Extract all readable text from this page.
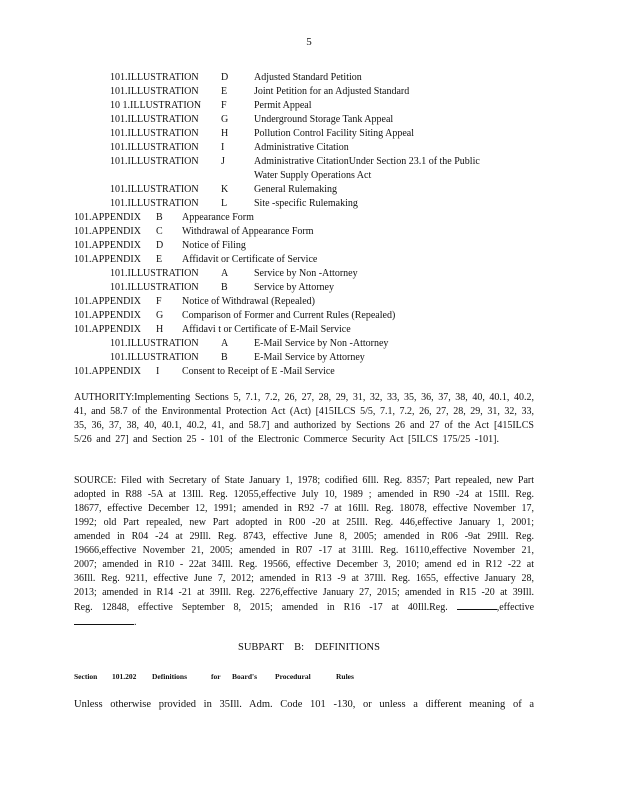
5
101.ILLUSTRATION D	Adjusted Standard Petition
101.ILLUSTRATION E	Joint Petition for an Adjusted Standard
10 1.ILLUSTRATION F	Permit Appeal
101.ILLUSTRATION G	Underground Storage Tank Appeal
101.ILLUSTRATION H	Pollution Control Facility Siting Appeal
101.ILLUSTRATION I	Administrative Citation
101.ILLUSTRATION J	Administrative CitationUnder Section 23.1 of the Public
Water Supply Operations Act
101.ILLUSTRATION K	General Rulemaking
101.ILLUSTRATION L	Site -specific Rulemaking
101.APPENDIX B Appearance Form
101.APPENDIX C Withdrawal of Appearance Form
101.APPENDIX D Notice of Filing
101.APPENDIX E Affidavit or Certificate of Service
101.ILLUSTRATION A	Service by Non -Attorney
101.ILLUSTRATION B	Service by Attorney
101.APPENDIX F Notice of Withdrawal (Repealed)
101.APPENDIX G Comparison of Former and Current Rules (Repealed)
101.APPENDIX H Affidavi t or Certificate of E-Mail Service
101.ILLUSTRATION A	E-Mail Service by Non -Attorney
101.ILLUSTRATION B	E-Mail Service by Attorney
101.APPENDIX I Consent to Receipt of E -Mail Service
AUTHORITY:Implementing Sections 5, 7.1, 7.2, 26, 27, 28, 29, 31, 32, 33, 35, 36, 37, 38, 40, 40.1, 40.2, 41, and 58.7 of the Environmental Protection Act (Act) [415ILCS 5/5, 7.1, 7.2, 26, 27, 28, 29, 31, 32, 33, 35, 36, 37, 38, 40, 40.1, 40.2, 41, and 58.7] and authorized by Sections 26 and 27 of the Act [415ILCS 5/26 and 27] and Section 25 - 101 of the Electronic Commerce Security Act [5ILCS 175/25 -101].
SOURCE: Filed with Secretary of State January 1, 1978; codified 6Ill. Reg. 8357; Part repealed, new Part adopted in R88 -5A at 13Ill. Reg. 12055,effective July 10, 1989 ; amended in R90 -24 at 15Ill. Reg. 18677, effective December 12, 1991; amended in R92 -7 at 16Ill. Reg. 18078, effective November 17, 1992; old Part repealed, new Part adopted in R00 -20 at 25Ill. Reg. 446,effective January 1, 2001; amended in R04 -24 at 29Ill. Reg. 8743, effective June 8, 2005; amended in R06 -9at 29Ill. Reg. 19666,effective November 21, 2005; amended in R07 -17 at 31Ill. Reg. 16110,effective November 21, 2007; amended in R10 - 22at 34Ill. Reg. 19566, effective December 3, 2010; amend ed in R12 -22 at 36Ill. Reg. 9211, effective June 7, 2012; amended in R13 -9 at 37Ill. Reg. 1655, effective January 28, 2013; amended in R14 -21 at 39Ill. Reg. 2276,effective January 27, 2015; amended in R15 -20 at 39Ill. Reg. 12848, effective September 8, 2015; amended in R16 -17 at 40Ill.Reg.	,effective .
SUBPART B: DEFINITIONS
Section 101.202 Definitions	for Board's Procedural	Rules
Unless otherwise provided in 35Ill. Adm. Code 101 -130, or unless a different meaning of a
